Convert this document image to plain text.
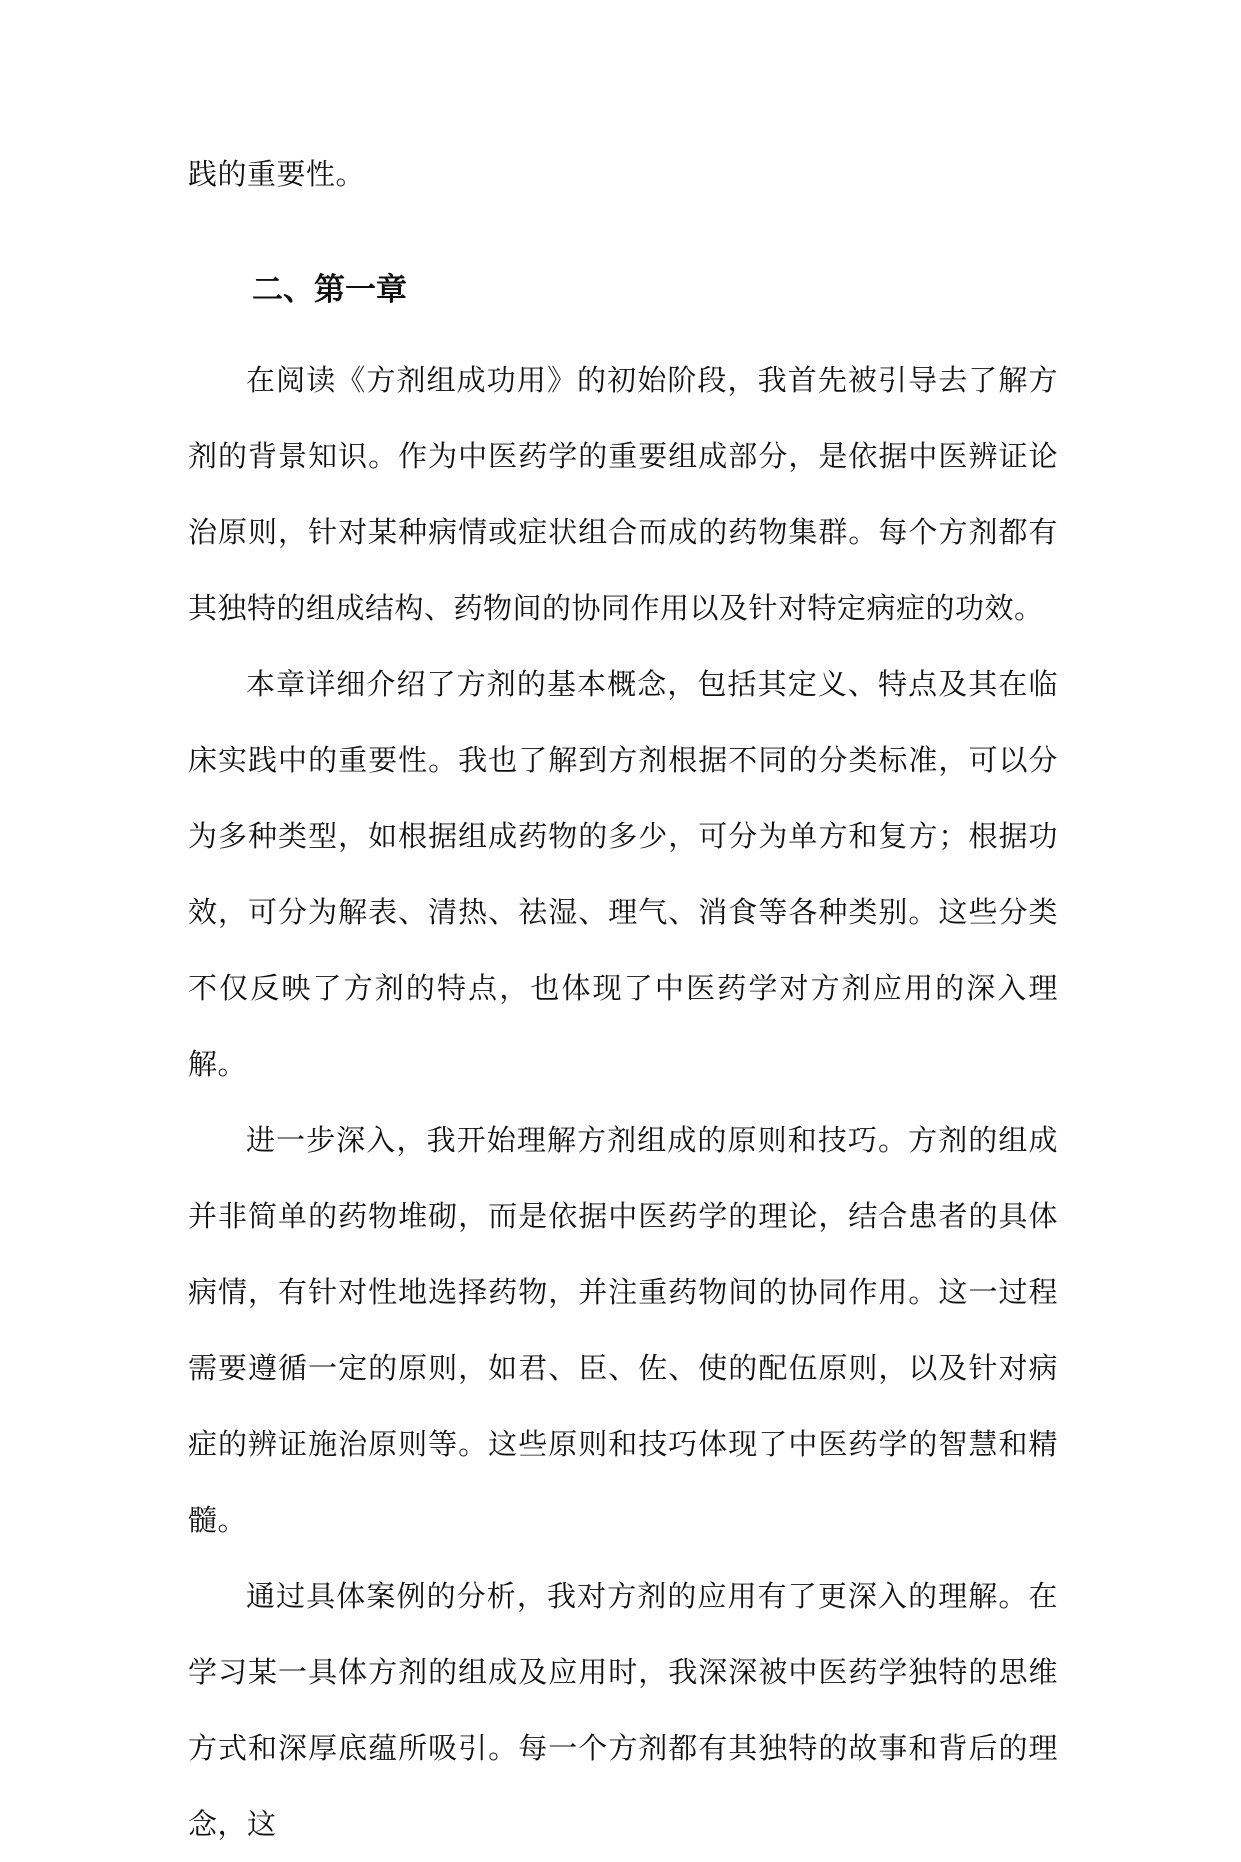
践的重要性。

二、第一章

在阅读《方剂组成功用》的初始阶段，我首先被引导去了解方剂的背景知识。作为中医药学的重要组成部分，是依据中医辨证论治原则，针对某种病情或症状组合而成的药物集群。每个方剂都有其独特的组成结构、药物间的协同作用以及针对特定病症的功效。

本章详细介绍了方剂的基本概念，包括其定义、特点及其在临床实践中的重要性。我也了解到方剂根据不同的分类标准，可以分为多种类型，如根据组成药物的多少，可分为单方和复方；根据功效，可分为解表、清热、祛湿、理气、消食等各种类别。这些分类不仅反映了方剂的特点，也体现了中医药学对方剂应用的深入理解。

进一步深入，我开始理解方剂组成的原则和技巧。方剂的组成并非简单的药物堆砌，而是依据中医药学的理论，结合患者的具体病情，有针对性地选择药物，并注重药物间的协同作用。这一过程需要遵循一定的原则，如君、臣、佐、使的配伍原则，以及针对病症的辨证施治原则等。这些原则和技巧体现了中医药学的智慧和精髓。

通过具体案例的分析，我对方剂的应用有了更深入的理解。在学习某一具体方剂的组成及应用时，我深深被中医药学独特的思维方式和深厚底蕴所吸引。每一个方剂都有其独特的故事和背后的理念，这
